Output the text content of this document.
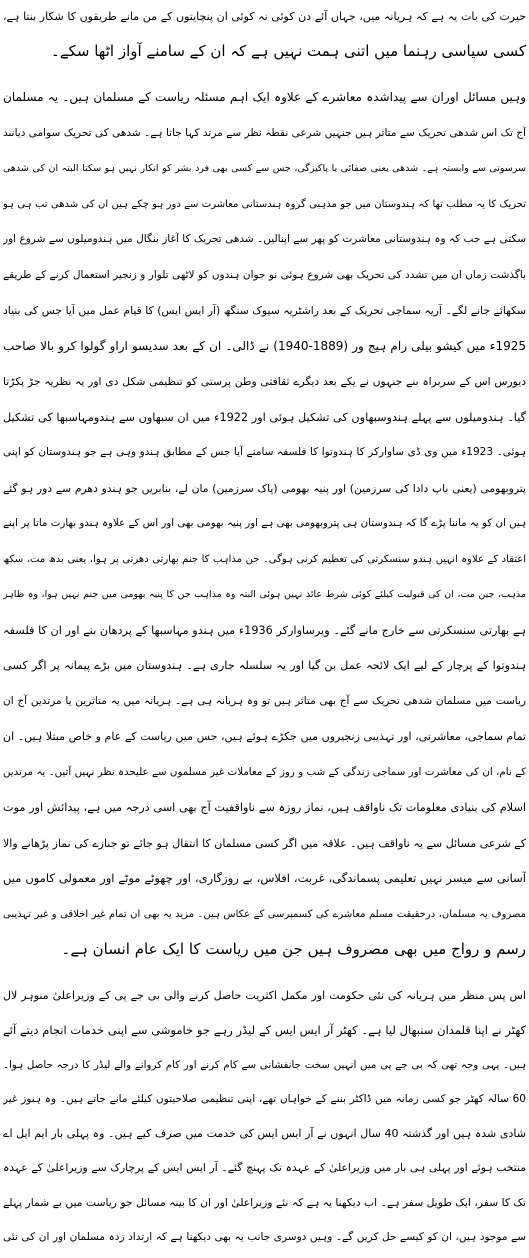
حیرت کی بات یہ ہے کہ ہریانہ میں، جہاں آئے دن کوئی نہ کوئی ان پنچایتوں کے من مانے طریقوں کا شکار بنتا ہے،
کسی سیاسی رہنما میں اتنی ہمت نہیں ہے کہ ان کے سامنے آواز اٹھا سکے۔
وہیں مسائل اوران سے پیداشدہ معاشرے کے علاوہ ایک اہم مسئلہ ریاست کے مسلمان ہیں۔ یہ مسلمان
آج تک اس شدھی تحریک سے متاثر ہیں جنہیں شرعی نقطہ نظر سے مرتد کہا جاتا ہے۔ شدھی کی تحریک سوامی دیانند
سرسوتی سے وابستہ ہے۔ شدھی یعنی صفائی یا پاکیزگی، جس سے کسی بھی فرد بشر کو انکار نہیں ہو سکتا البتہ ان کی شدھی
تحریک کا یہ مطلب تھا کہ ہندوستان میں جو مذہبی گروہ ہندستانی معاشرت سے دور ہو چکے ہیں ان کی شدھی تب ہی ہو
سکتی ہے جب کہ وہ ہندوستانی معاشرت کو پھر سے اپنالیں۔ شدھی تحریک کا آغاز بنگال میں ہندومیلوں سے شروع اور
باگذشت زماں ان میں تشدد کی تحریک بھی شروع ہوئی نو جوان ہندوں کو لاٹھی تلوار و زنجیر استعمال کرنے کے طریقے
سکھائے جانے لگے۔ آریہ سماجی تحریک کے بعد راشٹریہ سیوک سنگھ (آر ایس ایس) کا قیام عمل میں آیا جس کی بنیاد
1925ء میں کیشو بیلی رام ہیج ور (1889-1940) نے ڈالی۔ ان کے بعد سدیسو اراو گولوا کرو بالا صاحب
دیورس اس کے سربراہ بنے جنہوں نے یکے بعد دیگرے ثقافتی وطن پرستی کو تنظیمی شکل دی اور یہ نظریہ جڑ پکڑتا
گیا۔ ہندومیلوں سے پہلے ہندوسبھاوں کی تشکیل ہوئی اور 1922ء میں ان سبھاوں سے ہندومہاسبھا کی تشکیل
ہوئی۔ 1923ء میں وی ڈی ساوارکر کا ہندوتوا کا فلسفہ سامنے آیا جس کے مطابق ہندو وہی ہے جو ہندوستان کو اپنی
پتروبھومی (یعنی باپ دادا کی سرزمین) اور پنیہ بھومی (پاک سرزمین) مان لے، بنابریں جو ہندو دھرم سے دور ہو گئے
ہیں ان کو یہ ماننا پڑے گا کہ ہندوستان ہی پتروبھومی بھی ہے اور پنیہ بھومی بھی اور اس کے علاوہ ہندو بھارت ماتا پر اپنے
اعتقاد کے علاوہ انہیں ہندو سنسکرتی کی تعظیم کرنی ہوگی۔ جن مذاہب کا جنم بھارتی دھرتی پر ہوا، یعنی بدھ مت، سکھ
مذہب، جین مت، ان کی قبولیت کیلئے کوئی شرط عائد نہیں ہوئی البتہ وہ مذاہب جن کا پنیہ بھومی میں جنم نہیں ہوا، وہ ظاہر
ہے بھارتی سنسکرتی سے خارج مانے گئے۔ ویرساوارکر 1936ء میں ہندو مہاسبھا کے پردھان بنے اور ان کا فلسفہ
ہندوتوا کے پرچار کے لیے ایک لائحہ عمل بن گیا اور یہ سلسلہ جاری ہے۔ ہندوستان میں بڑے پیمانہ پر اگر کسی
ریاست میں مسلمان شدھی تحریک سے آج بھی متاثر ہیں تو وہ ہریانہ ہی ہے۔ ہریانہ میں یہ متاثرین یا مرتدین آج ان
تمام سماجی، معاشرتی، اور تہذیبی زنجیروں میں جکڑے ہوئے ہیں، جس میں ریاست کے عام و خاص مبتلا ہیں۔ ان
کے نام، ان کی معاشرت اور سماجی زندگی کے شب و روز کے معاملات غیر مسلموں سے علیحدہ نظر نہیں آتیں۔ یہ مرتدین
اسلام کی بنیادی معلومات تک ناواقف ہیں، نماز روزہ سے ناواقفیت آج بھی اسی درجہ میں ہے، پیدائش اور موت
کے شرعی مسائل سے یہ ناواقف ہیں۔ علاقہ میں اگر کسی مسلمان کا انتقال ہو جائے تو جنازے کی نماز پڑھانے والا
آسانی سے میسر نہیں تعلیمی پسماندگی، غربت، افلاس، بے روزگاری، اور چھوٹے موٹے اور معمولی کاموں میں
مصروف یہ مسلمان، درحقیقت مسلم معاشرے کی کسمپرسی کے عکاس ہیں۔ مزید یہ بھی ان تمام غیر اخلاقی و غیر تہذیبی
رسم و رواج میں بھی مصروف ہیں جن میں ریاست کا ایک عام انسان ہے۔
اس پس منظر میں ہریانہ کی نئی حکومت اور مکمل اکثریت حاصل کرنے والی بی جے پی کے وزیراعلیٰ منوہر لال
کھٹر نے اپنا قلمدان سنبھال لیا ہے۔ کھٹر آر ایس ایس کے لیڈر رہے جو خاموشی سے اپنی خدمات انجام دیتے آئے
ہیں۔ یہی وجہ تھی کہ بی جے پی میں انہیں سخت جانفشانی سے کام کرنے اور کام کروانے والے لیڈر کا درجہ حاصل ہوا۔
60 سالہ کھٹر جو کسی زمانہ میں ڈاکٹر بننے کے خواہاں تھے، اپنی تنظیمی صلاحیتوں کیلئے مانے جاتے ہیں۔ وہ ہنوز غیر
شادی شدہ ہیں اور گذشتہ 40 سال انہوں نے آر ایس ایس کی خدمت میں صرف کیے ہیں۔ وہ پہلی بار ایم ایل اے
منتخب ہوئے اور پہلی ہی بار میں وزیراعلیٰ کے عہدہ تک پہنچ گئے۔ آر ایس ایس کے پرچارک سے وزیراعلیٰ کے عہدہ
تک کا سفر، ایک طویل سفر ہے۔ اب دیکھنا یہ ہے کہ نئے وزیراعلیٰ اور ان کا بینہ مسائل جو ریاست میں بے شمار پہلے
سے موجود ہیں، ان کو کیسے حل کریں گے۔ وہیں دوسری جانب یہ بھی دیکھنا ہے کہ ارتداد زدہ مسلمان اور ان کی نئی
